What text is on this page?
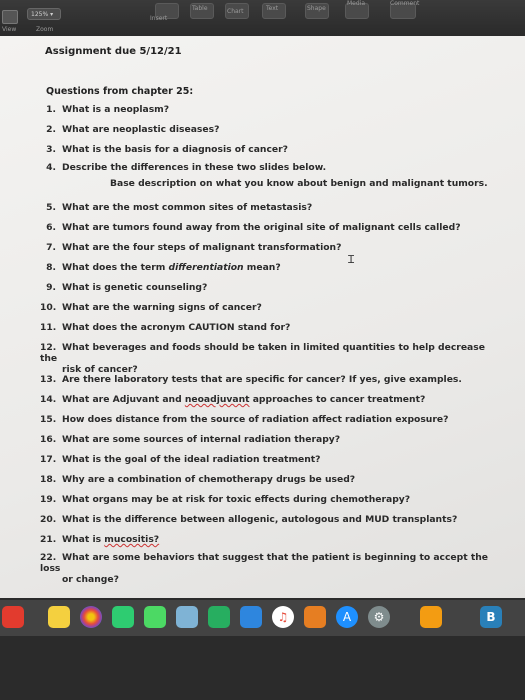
125% ▾
View	Zoom
Insert
Table	Chart	Text	Shape
Media	Comment
Assignment due 5/12/21
Questions from chapter 25:
1. What is a neoplasm?
2. What are neoplastic diseases?
3. What is the basis for a diagnosis of cancer?
4. Describe the differences in these two slides below.
Base description on what you know about benign and malignant tumors.
5. What are the most common sites of metastasis?
6. What are tumors found away from the original site of malignant cells called?
7. What are the four steps of malignant transformation?
8. What does the term differentiation mean?
9. What is genetic counseling?
10. What are the warning signs of cancer?
11. What does the acronym CAUTION stand for?
12. What beverages and foods should be taken in limited quantities to help decrease the
risk of cancer?
13. Are there laboratory tests that are specific for cancer? If yes, give examples.
14. What are Adjuvant and neoadjuvant approaches to cancer treatment?
15. How does distance from the source of radiation affect radiation exposure?
16. What are some sources of internal radiation therapy?
17. What is the goal of the ideal radiation treatment?
18. Why are a combination of chemotherapy drugs be used?
19. What organs may be at risk for toxic effects during chemotherapy?
20. What is the difference between allogenic, autologous and MUD transplants?
21. What is mucositis?
22. What are some behaviors that suggest that the patient is beginning to accept the loss
or change?
Ɪ
♫	A	⚙	B
